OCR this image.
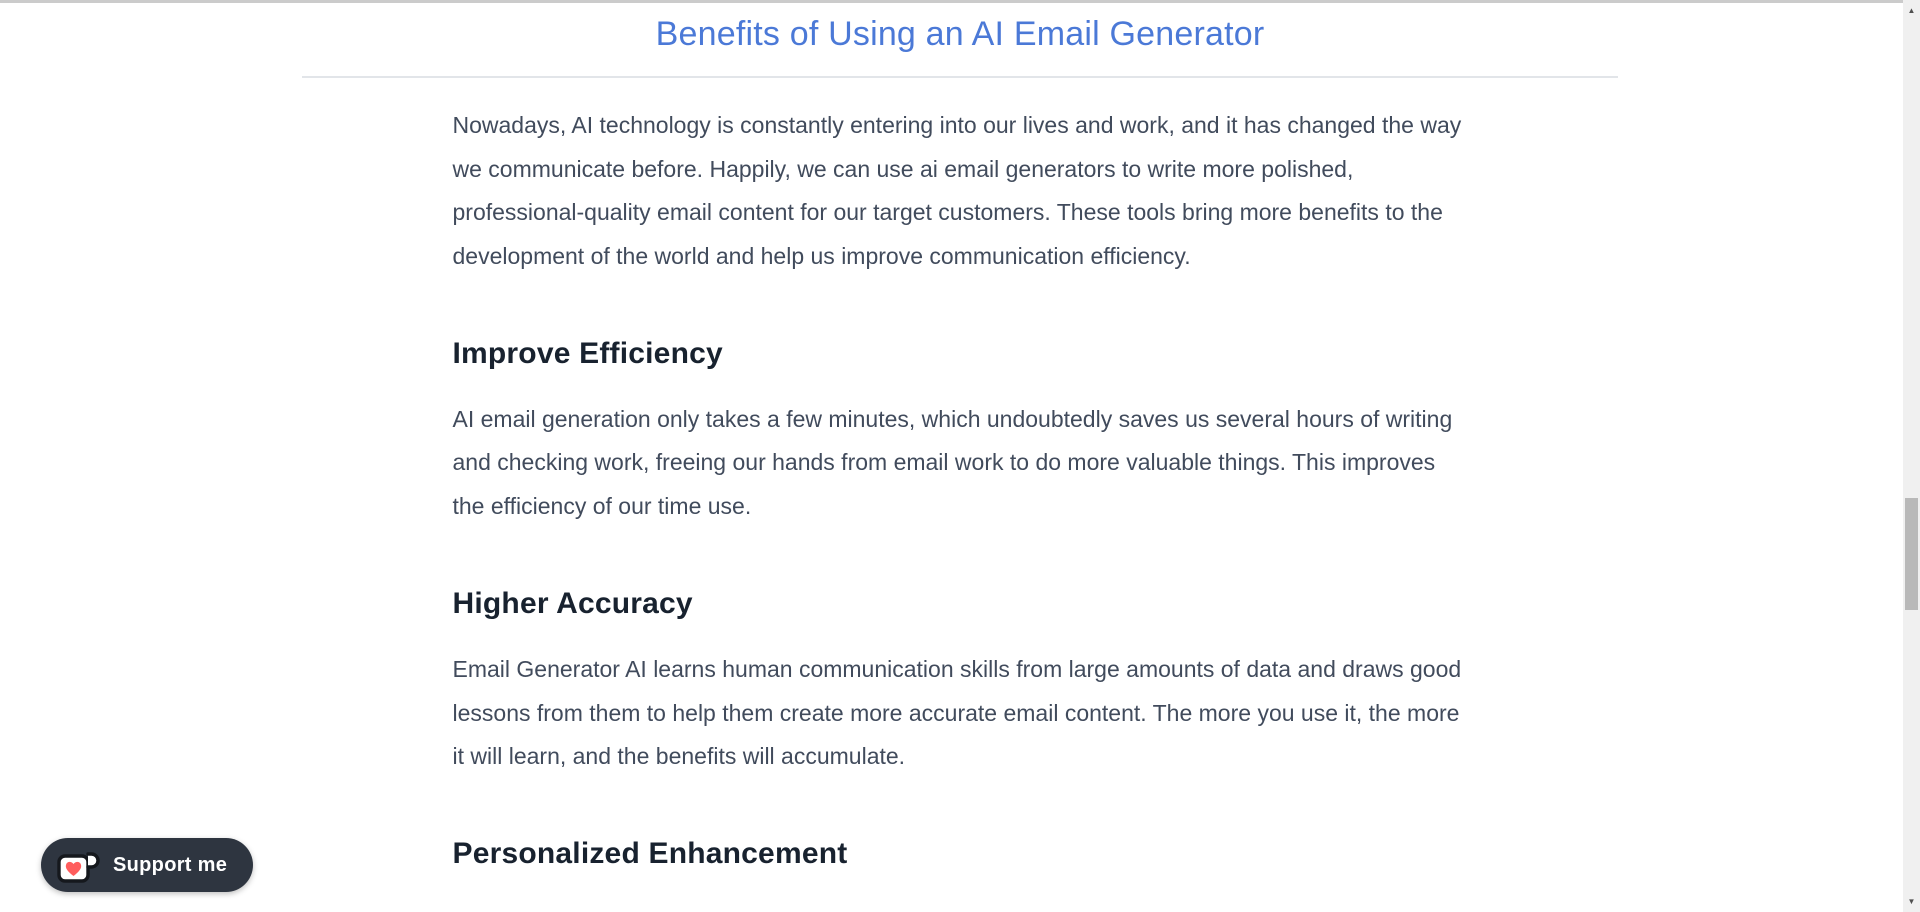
Benefits of Using an AI Email Generator

Nowadays, AI technology is constantly entering into our lives and work, and it has changed the way we communicate before. Happily, we can use ai email generators to write more polished, professional-quality email content for our target customers. These tools bring more benefits to the development of the world and help us improve communication efficiency.

Improve Efficiency

AI email generation only takes a few minutes, which undoubtedly saves us several hours of writing and checking work, freeing our hands from email work to do more valuable things. This improves the efficiency of our time use.

Higher Accuracy

Email Generator AI learns human communication skills from large amounts of data and draws good lessons from them to help them create more accurate email content. The more you use it, the more it will learn, and the benefits will accumulate.

Personalized Enhancement
▲
▼
Support me
